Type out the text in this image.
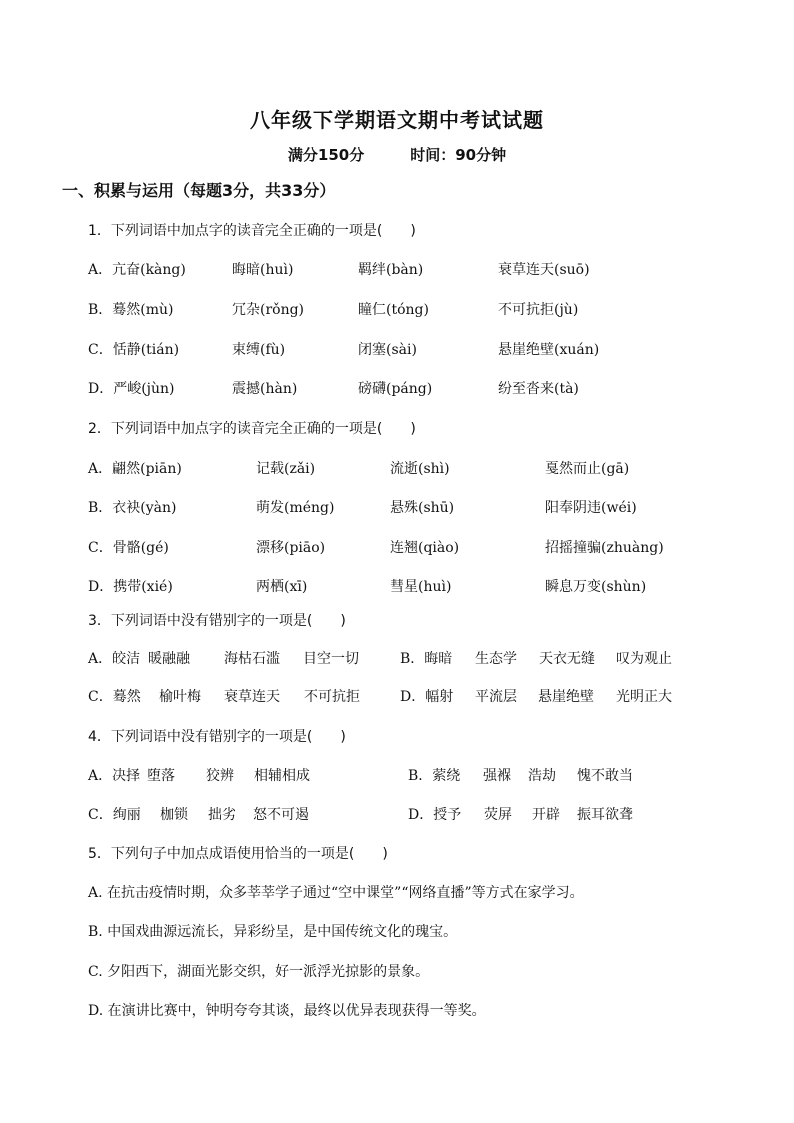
八年级下学期语文期中考试试题
满分150分	时间：90分钟
一、积累与运用（每题3分，共33分）
1．下列词语中加点字的读音完全正确的一项是(　　)
A．亢奋(kàng)	晦暗(huì)	羁绊(bàn)	衰草连天(suō)
B．蓦然(mù)	冗杂(rǒng)	瞳仁(tóng)	不可抗拒(jù)
C．恬静(tián)	束缚(fù)	闭塞(sài)	悬崖绝壁(xuán)
D．严峻(jùn)	震撼(hàn)	磅礴(páng)	纷至沓来(tà)
2．下列词语中加点字的读音完全正确的一项是(　　)
A．翩然(piān)	记载(zǎi)	流逝(shì)	戛然而止(gā)
B．衣袂(yàn)	萌发(méng)	悬殊(shū)	阳奉阴违(wéi)
C．骨骼(gé)	漂移(piāo)	连翘(qiào)	招摇撞骗(zhuàng)
D．携带(xié)	两栖(xī)	彗星(huì)	瞬息万变(shùn)
3．下列词语中没有错别字的一项是(　　)
A．皎洁 暖融融 海枯石滥 目空一切	B．晦暗 生态学 天衣无缝 叹为观止
C．蓦然 榆叶梅 衰草连天 不可抗拒	D．幅射 平流层 悬崖绝壁 光明正大
4．下列词语中没有错别字的一项是(　　)
A．决择 堕落 狡辨 相辅相成	B．萦绕 强褓 浩劫 愧不敢当
C．绚丽 枷锁 拙劣 怒不可遏	D．授予 荧屏 开辟 振耳欲聋
5．下列句子中加点成语使用恰当的一项是(　　)
A. 在抗击疫情时期，众多莘莘学子通过“空中课堂”“网络直播”等方式在家学习。
B. 中国戏曲源远流长，异彩纷呈，是中国传统文化的瑰宝。
C. 夕阳西下，湖面光影交织，好一派浮光掠影的景象。
D. 在演讲比赛中，钟明夸夸其谈，最终以优异表现获得一等奖。
